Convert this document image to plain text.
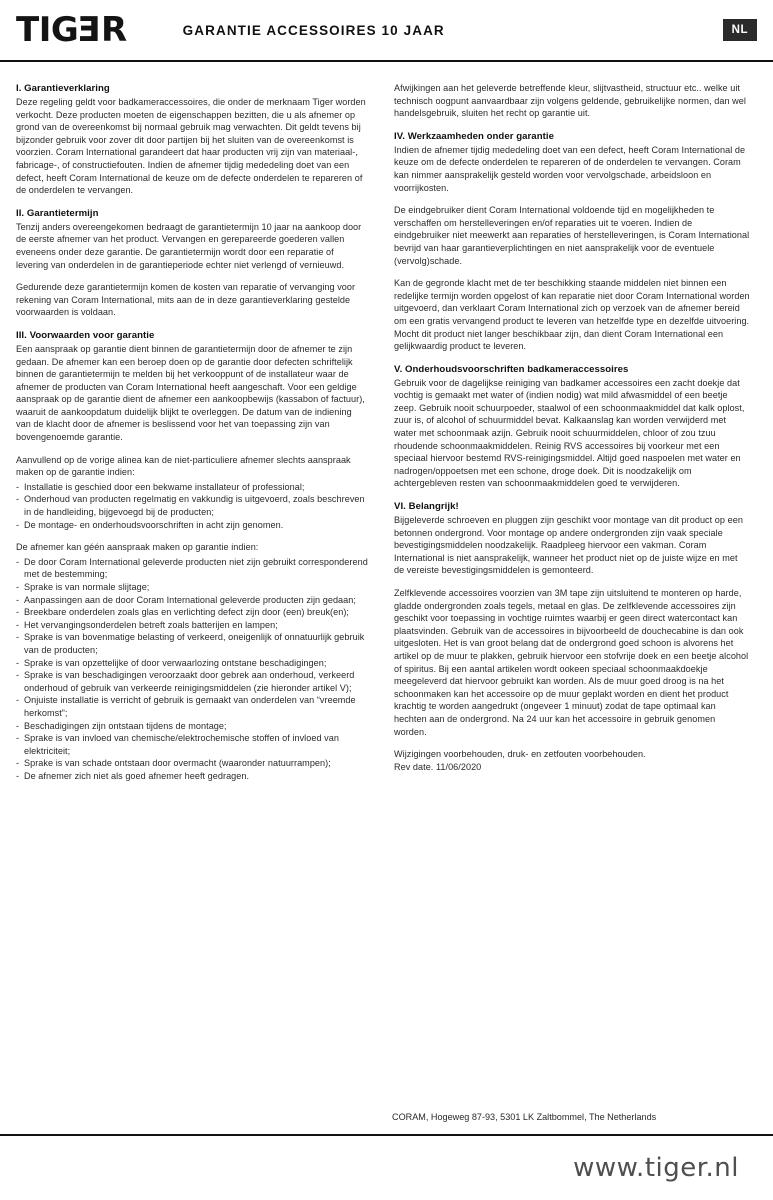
TIG E R	GARANTIE ACCESSOIRES 10 JAAR	NL
I. Garantieverklaring

Deze regeling geldt voor badkameraccessoires, die onder de merknaam Tiger worden verkocht. Deze producten moeten de eigenschappen bezitten, die u als afnemer op grond van de overeenkomst bij normaal gebruik mag verwachten. Dit geldt tevens bij bijzonder gebruik voor zover dit door partijen bij het sluiten van de overeenkomst is voorzien. Coram International garandeert dat haar producten vrij zijn van materiaal-, fabricage-, of constructiefouten. Indien de afnemer tijdig mededeling doet van een defect, heeft Coram International de keuze om de defecte onderdelen te repareren of de onderdelen te vervangen.

II. Garantietermijn

Tenzij anders overeengekomen bedraagt de garantietermijn 10 jaar na aankoop door de eerste afnemer van het product. Vervangen en gerepareerde goederen vallen eveneens onder deze garantie. De garantietermijn wordt door een reparatie of levering van onderdelen in de garantieperiode echter niet verlengd of vernieuwd.

Gedurende deze garantietermijn komen de kosten van reparatie of vervanging voor rekening van Coram International, mits aan de in deze garantieverklaring gestelde voorwaarden is voldaan.

III. Voorwaarden voor garantie

Een aanspraak op garantie dient binnen de garantietermijn door de afnemer te zijn gedaan. De afnemer kan een beroep doen op de garantie door defecten schriftelijk binnen de garantietermijn te melden bij het verkooppunt of de installateur waar de afnemer de producten van Coram International heeft aangeschaft. Voor een geldige aanspraak op de garantie dient de afnemer een aankoopbewijs (kassabon of factuur), waaruit de aankoopdatum duidelijk blijkt te overleggen. De datum van de indiening van de klacht door de afnemer is beslissend voor het van toepassing zijn van bovengenoemde garantie.

Aanvullend op de vorige alinea kan de niet-particuliere afnemer slechts aanspraak maken op de garantie indien:

- Installatie is geschied door een bekwame installateur of professional;
- Onderhoud van producten regelmatig en vakkundig is uitgevoerd, zoals beschreven in de handleiding, bijgevoegd bij de producten;
- De montage- en onderhoudsvoorschriften in acht zijn genomen.

De afnemer kan géén aanspraak maken op garantie indien:

- De door Coram International geleverde producten niet zijn gebruikt corresponderend met de bestemming;
- Sprake is van normale slijtage;
- Aanpassingen aan de door Coram International geleverde producten zijn gedaan;
- Breekbare onderdelen zoals glas en verlichting defect zijn door (een) breuk(en);
- Het vervangingsonderdelen betreft zoals batterijen en lampen;
- Sprake is van bovenmatige belasting of verkeerd, oneigenlijk of onnatuurlijk gebruik van de producten;
- Sprake is van opzettelijke of door verwaarlozing ontstane beschadigingen;
- Sprake is van beschadigingen veroorzaakt door gebrek aan onderhoud, verkeerd onderhoud of gebruik van verkeerde reinigingsmiddelen (zie hieronder artikel V);
- Onjuiste installatie is verricht of gebruik is gemaakt van onderdelen van “vreemde herkomst”;
- Beschadigingen zijn ontstaan tijdens de montage;
- Sprake is van invloed van chemische/elektrochemische stoffen of invloed van elektriciteit;
- Sprake is van schade ontstaan door overmacht (waaronder natuurrampen);
- De afnemer zich niet als goed afnemer heeft gedragen.

Afwijkingen aan het geleverde betreffende kleur, slijtvastheid, structuur etc.. welke uit technisch oogpunt aanvaardbaar zijn volgens geldende, gebruikelijke normen, dan wel handelsgebruik, sluiten het recht op garantie uit.

IV. Werkzaamheden onder garantie

Indien de afnemer tijdig mededeling doet van een defect, heeft Coram International de keuze om de defecte onderdelen te repareren of de onderdelen te vervangen. Coram kan nimmer aansprakelijk gesteld worden voor vervolgschade, arbeidsloon en voorrijkosten.

De eindgebruiker dient Coram International voldoende tijd en mogelijkheden te verschaffen om herstelleveringen en/of reparaties uit te voeren. Indien de eindgebruiker niet meewerkt aan reparaties of herstelleveringen, is Coram International bevrijd van haar garantieverplichtingen en niet aansprakelijk voor de eventuele (vervolg)schade.

Kan de gegronde klacht met de ter beschikking staande middelen niet binnen een redelijke termijn worden opgelost of kan reparatie niet door Coram International worden uitgevoerd, dan verklaart Coram International zich op verzoek van de afnemer bereid om een gratis vervangend product te leveren van hetzelfde type en dezelfde uitvoering. Mocht dit product niet langer beschikbaar zijn, dan dient Coram International een gelijkwaardig product te leveren.

V. Onderhoudsvoorschriften badkameraccessoires

Gebruik voor de dagelijkse reiniging van badkamer accessoires een zacht doekje dat vochtig is gemaakt met water of (indien nodig) wat mild afwasmiddel of een beetje zeep. Gebruik nooit schuurpoeder, staalwol of een schoonmaakmiddel dat kalk oplost, zuur is, of alcohol of schuurmiddel bevat. Kalkaanslag kan worden verwijderd met water met schoonmaak azijn. Gebruik nooit schuurmiddelen, chloor of zou tzuu rhoudende schoonmaakmiddelen. Reinig RVS accessoires bij voorkeur met een speciaal hiervoor bestemd RVS-reinigingsmiddel. Altijd goed naspoelen met water en nadrogen/oppoetsen met een schone, droge doek. Dit is noodzakelijk om achtergebleven resten van schoonmaakmiddelen goed te verwijderen.

VI. Belangrijk!

Bijgeleverde schroeven en pluggen zijn geschikt voor montage van dit product op een betonnen ondergrond. Voor montage op andere ondergronden zijn vaak speciale bevestigingsmiddelen noodzakelijk. Raadpleeg hiervoor een vakman. Coram International is niet aansprakelijk, wanneer het product niet op de juiste wijze en met de vereiste bevestigingsmiddelen is gemonteerd.

Zelfklevende accessoires voorzien van 3M tape zijn uitsluitend te monteren op harde, gladde ondergronden zoals tegels, metaal en glas. De zelfklevende accessoires zijn geschikt voor toepassing in vochtige ruimtes waarbij er geen direct watercontact kan plaatsvinden. Gebruik van de accessoires in bijvoorbeeld de douchecabine is dan ook uitgesloten. Het is van groot belang dat de ondergrond goed schoon is alvorens het artikel op de muur te plakken, gebruik hiervoor een stofvrije doek en een beetje alcohol of spiritus. Bij een aantal artikelen wordt ookeen speciaal schoonmaakdoekje meegeleverd dat hiervoor gebruikt kan worden. Als de muur goed droog is na het schoonmaken kan het accessoire op de muur geplakt worden en dient het product krachtig te worden aangedrukt (ongeveer 1 minuut) zodat de tape optimaal kan hechten aan de ondergrond. Na 24 uur kan het accessoire in gebruik genomen worden.

Wijzigingen voorbehouden, druk- en zetfouten voorbehouden.

Rev date. 11/06/2020

CORAM, Hogeweg 87-93, 5301 LK Zaltbommel, The Netherlands
www.tiger.nl
